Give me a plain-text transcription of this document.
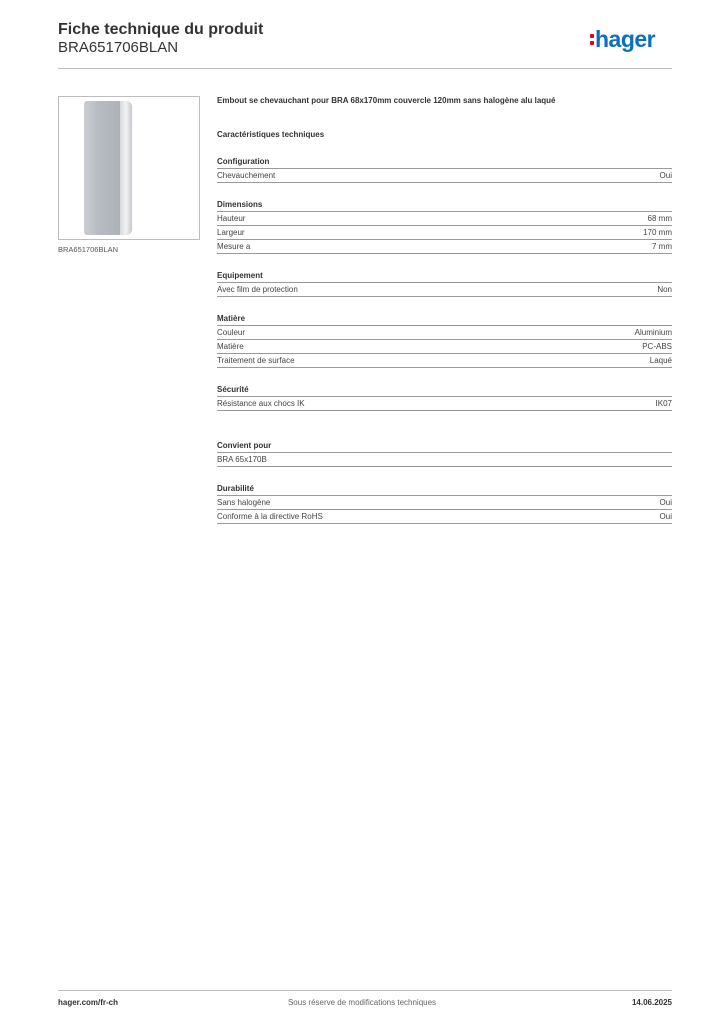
Fiche technique du produit
BRA651706BLAN	hager
BRA651706BLAN
Embout se chevauchant pour BRA 68x170mm couvercle 120mm sans halogène alu laqué
Caractéristiques techniques
Configuration
Chevauchement	Oui
Dimensions
Hauteur	68 mm
Largeur	170 mm
Mesure a	7 mm
Equipement
Avec film de protection	Non
Matière
Couleur	Aluminium
Matière	PC-ABS
Traitement de surface	Laqué
Sécurité
Résistance aux chocs IK	IK07
Convient pour
BRA 65x170B
Durabilité
Sans halogène	Oui
Conforme à la directive RoHS	Oui
hager.com/fr-ch	Sous réserve de modifications techniques	14.06.2025
